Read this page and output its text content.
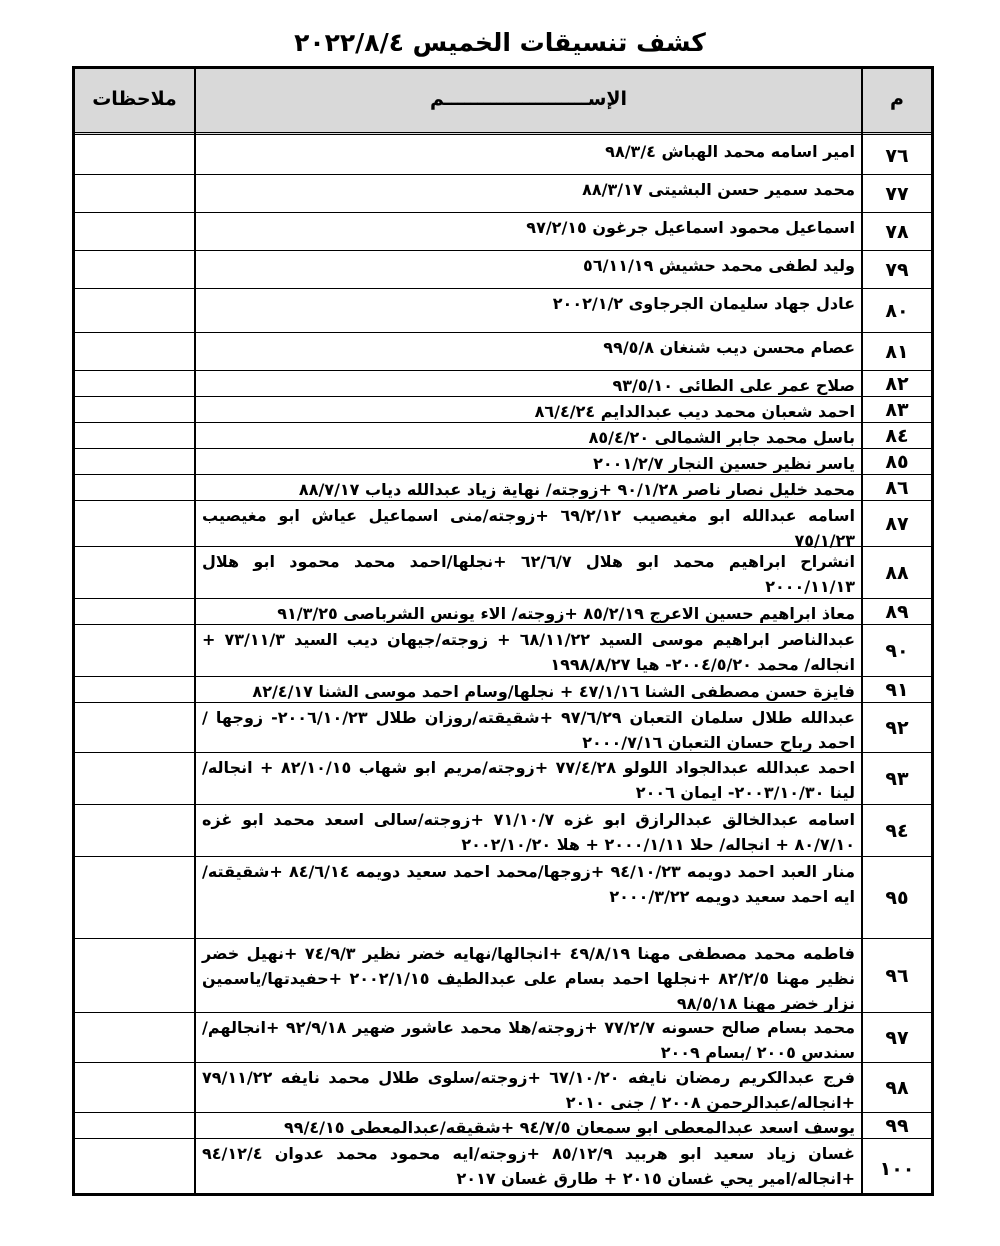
كشف تنسيقات الخميس ٢٠٢٢/٨/٤
م
الإســــــــــــــــــــــم
ملاحظات
٧٦
امير اسامه محمد الهباش ٩٨/٣/٤
٧٧
محمد سمير حسن البشيتى ٨٨/٣/١٧
٧٨
اسماعيل محمود اسماعيل جرغون ٩٧/٢/١٥
٧٩
وليد لطفى محمد حشيش ٥٦/١١/١٩
٨٠
عادل جهاد سليمان الجرجاوى ٢٠٠٢/١/٢
٨١
عصام محسن ديب شنغان ٩٩/٥/٨
٨٢
صلاح عمر على الطائى ٩٣/٥/١٠
٨٣
احمد شعبان محمد ديب عبدالدايم ٨٦/٤/٢٤
٨٤
باسل محمد جابر الشمالى ٨٥/٤/٢٠
٨٥
ياسر نظير حسين النجار ٢٠٠١/٢/٧
٨٦
محمد خليل نصار ناصر ٩٠/١/٢٨ +زوجته/ نهاية زياد عبدالله دياب ٨٨/٧/١٧
٨٧
اسامه عبدالله ابو مغيصيب ٦٩/٢/١٢ +زوجته/منى اسماعيل عياش ابو مغيصيب ٧٥/١/٢٣
٨٨
انشراح ابراهيم محمد ابو هلال ٦٢/٦/٧ +نجلها/احمد محمد محمود ابو هلال ٢٠٠٠/١١/١٣
٨٩
معاذ ابراهيم حسين الاعرج ٨٥/٢/١٩ +زوجته/ الاء يونس الشرباصى ٩١/٣/٢٥
٩٠
عبدالناصر ابراهيم موسى السيد ٦٨/١١/٢٢ + زوجته/جيهان ديب السيد ٧٣/١١/٣ + انجاله/ محمد ٢٠٠٤/٥/٢٠- هيا ١٩٩٨/٨/٢٧
٩١
فايزة حسن مصطفى الشنا ٤٧/١/١٦ + نجلها/وسام احمد موسى الشنا ٨٢/٤/١٧
٩٢
عبدالله طلال سلمان التعبان ٩٧/٦/٢٩ +شقيقته/روزان طلال ٢٠٠٦/١٠/٢٣- زوجها / احمد رباح حسان التعبان ٢٠٠٠/٧/١٦
٩٣
احمد عبدالله عبدالجواد اللولو ٧٧/٤/٢٨ +زوجته/مريم ابو شهاب ٨٢/١٠/١٥ + انجاله/ لينا ٢٠٠٣/١٠/٣٠- ايمان ٢٠٠٦
٩٤
اسامه عبدالخالق عبدالرازق ابو غزه ٧١/١٠/٧ +زوجته/سالى اسعد محمد ابو غزه ٨٠/٧/١٠ + انجاله/ حلا ٢٠٠٠/١/١١ + هلا ٢٠٠٢/١٠/٢٠
٩٥
منار العبد احمد دويمه ٩٤/١٠/٢٣ +زوجها/محمد احمد سعيد دويمه ٨٤/٦/١٤ +شقيقته/ايه احمد سعيد دويمه ٢٠٠٠/٣/٢٢
٩٦
فاطمه محمد مصطفى مهنا ٤٩/٨/١٩ +انجالها/نهايه خضر نظير ٧٤/٩/٣ +نهيل خضر نظير مهنا ٨٢/٢/٥ +نجلها احمد بسام على عبدالطيف ٢٠٠٢/١/١٥ +حفيدتها/ياسمين نزار خضر مهنا ٩٨/٥/١٨
٩٧
محمد بسام صالح حسونه ٧٧/٢/٧ +زوجته/هلا محمد عاشور ضهير ٩٢/٩/١٨ +انجالهم/سندس ٢٠٠٥ /بسام ٢٠٠٩
٩٨
فرج عبدالكريم رمضان نايفه ٦٧/١٠/٢٠ +زوجته/سلوى طلال محمد نايفه ٧٩/١١/٢٢ +انجاله/عبدالرحمن ٢٠٠٨ / جنى ٢٠١٠
٩٩
يوسف اسعد عبدالمعطى ابو سمعان ٩٤/٧/٥ +شقيقه/عبدالمعطى ٩٩/٤/١٥
١٠٠
غسان زياد سعيد ابو هربيد ٨٥/١٢/٩ +زوجته/ايه محمود محمد عدوان ٩٤/١٢/٤ +انجاله/امير يحي غسان ٢٠١٥ + طارق غسان ٢٠١٧
